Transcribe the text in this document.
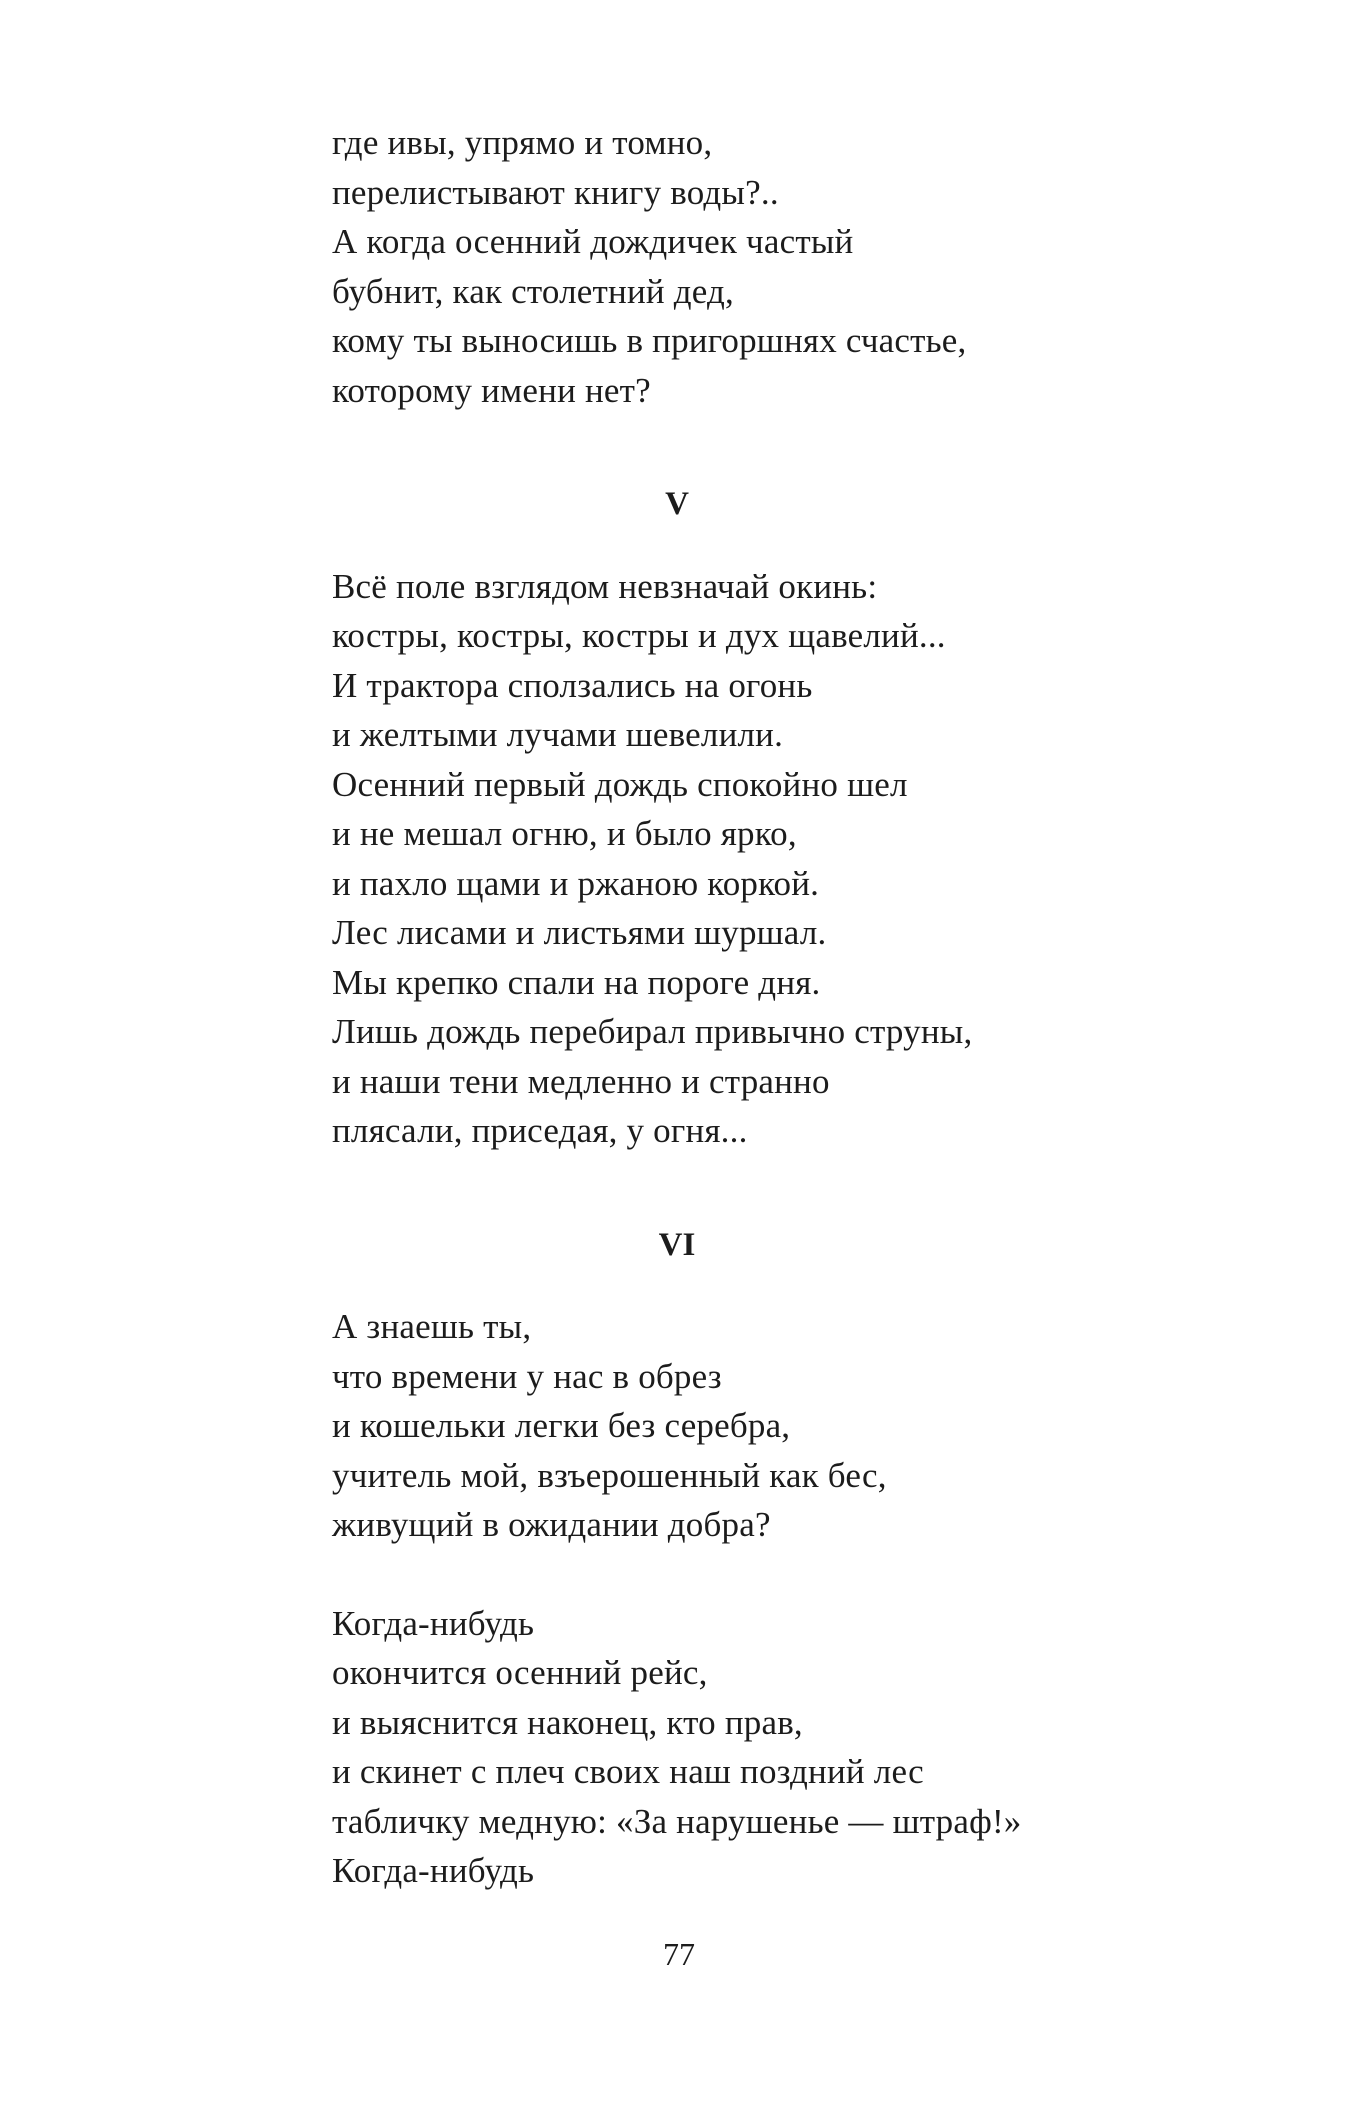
где ивы, упрямо и томно,
перелистывают книгу воды?..
А когда осенний дождичек частый
бубнит, как столетний дед,
кому ты выносишь в пригоршнях счастье,
которому имени нет?
V
Всё поле взглядом невзначай окинь:
костры, костры, костры и дух щавелий...
И трактора сползались на огонь
и желтыми лучами шевелили.
Осенний первый дождь спокойно шел
и не мешал огню, и было ярко,
и пахло щами и ржаною коркой.
Лес лисами и листьями шуршал.
Мы крепко спали на пороге дня.
Лишь дождь перебирал привычно струны,
и наши тени медленно и странно
плясали, приседая, у огня...
VI
А знаешь ты,
что времени у нас в обрез
и кошельки легки без серебра,
учитель мой, взъерошенный как бес,
живущий в ожидании добра?
Когда-нибудь
окончится осенний рейс,
и выяснится наконец, кто прав,
и скинет с плеч своих наш поздний лес
табличку медную: «За нарушенье — штраф!»
Когда-нибудь
77
